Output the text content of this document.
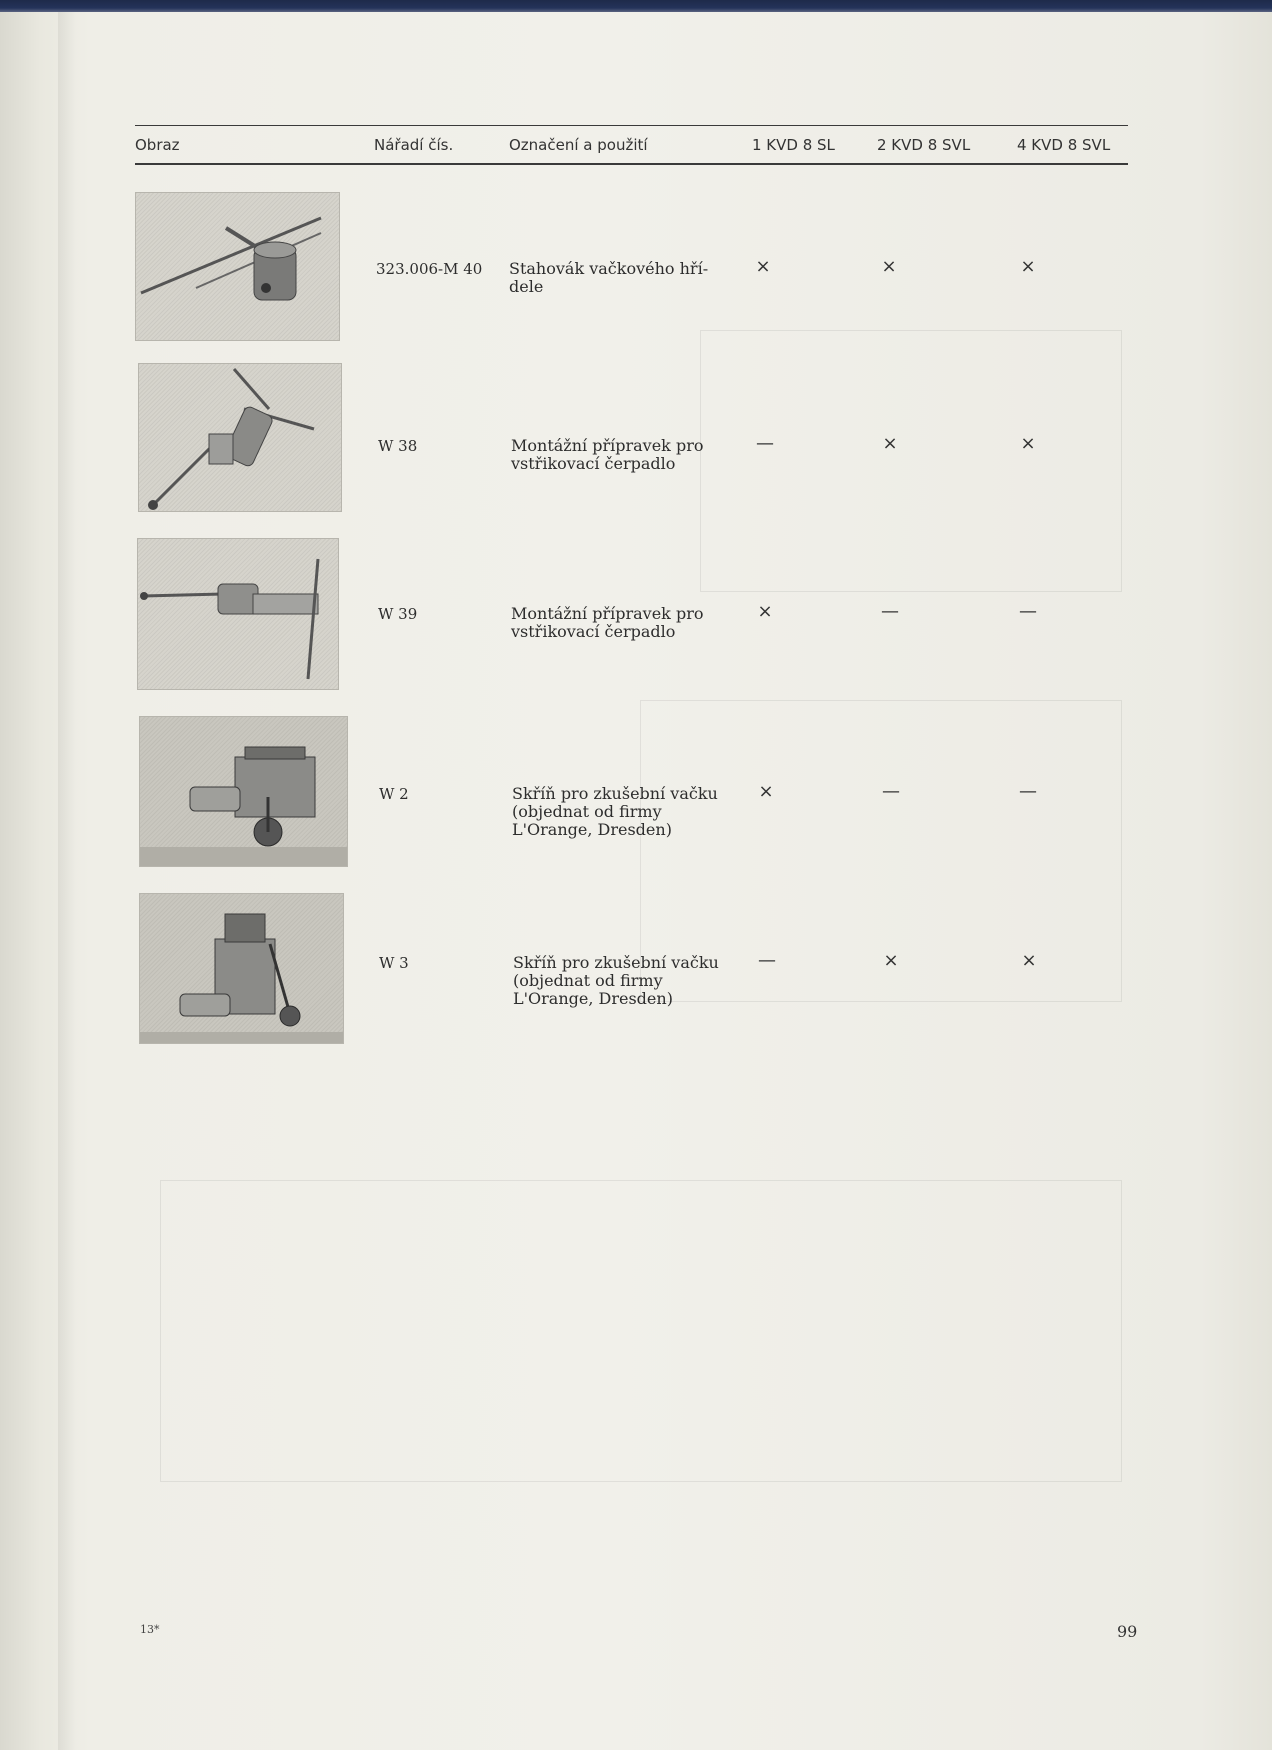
Obraz	Nářadí čís.	Označení a použití	1 KVD 8 SL	2 KVD 8 SVL	4 KVD 8 SVL
323.006-M 40 Stahovák vačkového hří-
dele
×	×	×
W 38	Montážní přípravek pro
vstřikovací čerpadlo
—	×	×
W 39	Montážní přípravek pro
vstřikovací čerpadlo
×	—	—
W 2	Skříň pro zkušební vačku
(objednat od firmy
L'Orange, Dresden)
×	—	—
W 3	Skříň pro zkušební vačku
(objednat od firmy
L'Orange, Dresden)
—	×	×
13*	99
